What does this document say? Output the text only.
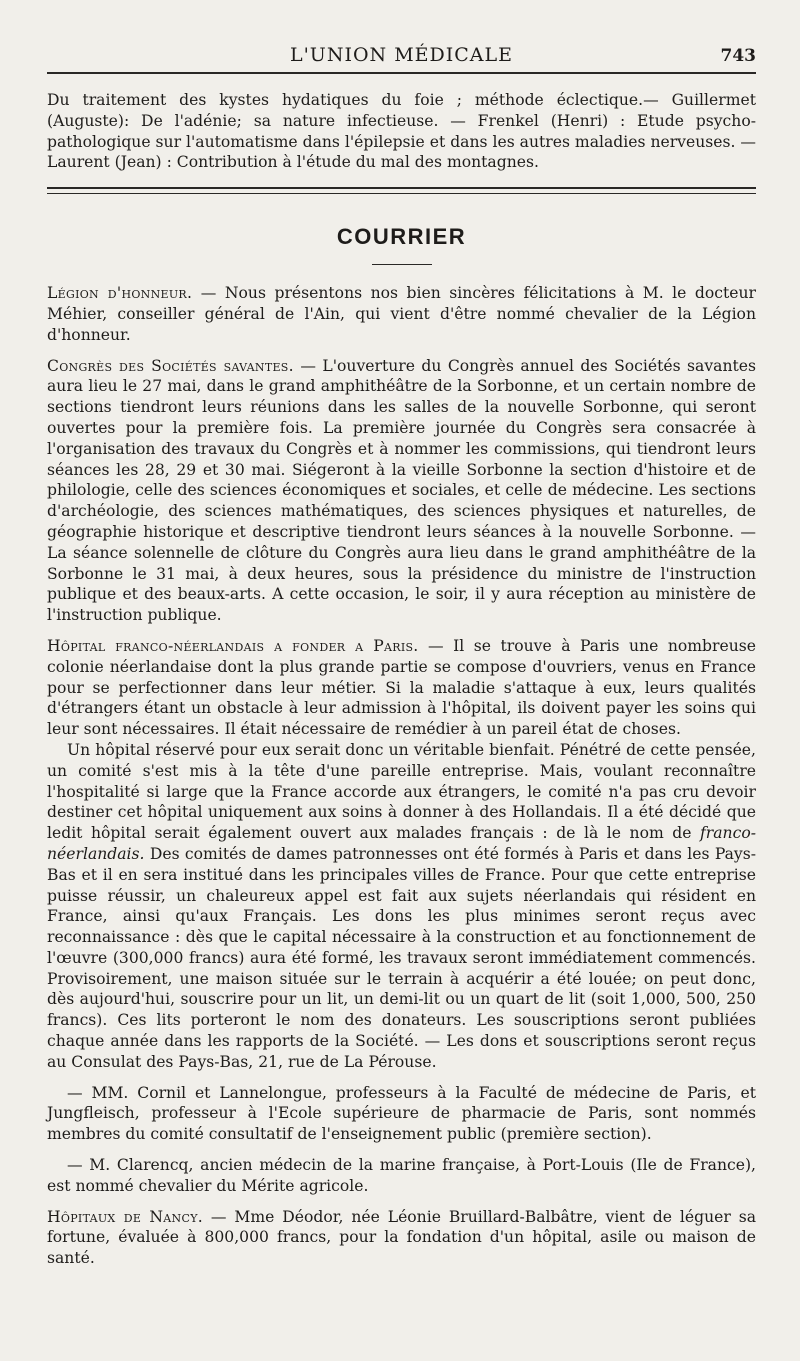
L'UNION MÉDICALE	743

Du traitement des kystes hydatiques du foie ; méthode éclectique.— Guillermet (Auguste): De l'adénie; sa nature infectieuse. — Frenkel (Henri) : Etude psycho-pathologique sur l'automatisme dans l'épilepsie et dans les autres maladies nerveuses. — Laurent (Jean) : Contribution à l'étude du mal des montagnes.

COURRIER

Légion d'honneur. — Nous présentons nos bien sincères félicitations à M. le docteur Méhier, conseiller général de l'Ain, qui vient d'être nommé chevalier de la Légion d'honneur.

Congrès des Sociétés savantes. — L'ouverture du Congrès annuel des Sociétés savantes aura lieu le 27 mai, dans le grand amphithéâtre de la Sorbonne, et un certain nombre de sections tiendront leurs réunions dans les salles de la nouvelle Sorbonne, qui seront ouvertes pour la première fois. La première journée du Congrès sera consacrée à l'organisation des travaux du Congrès et à nommer les commissions, qui tiendront leurs séances les 28, 29 et 30 mai. Siégeront à la vieille Sorbonne la section d'histoire et de philologie, celle des sciences économiques et sociales, et celle de médecine. Les sections d'archéologie, des sciences mathématiques, des sciences physiques et naturelles, de géographie historique et descriptive tiendront leurs séances à la nouvelle Sorbonne. — La séance solennelle de clôture du Congrès aura lieu dans le grand amphithéâtre de la Sorbonne le 31 mai, à deux heures, sous la présidence du ministre de l'instruction publique et des beaux-arts. A cette occasion, le soir, il y aura réception au ministère de l'instruction publique.

Hôpital franco-néerlandais a fonder a Paris. — Il se trouve à Paris une nombreuse colonie néerlandaise dont la plus grande partie se compose d'ouvriers, venus en France pour se perfectionner dans leur métier. Si la maladie s'attaque à eux, leurs qualités d'étrangers étant un obstacle à leur admission à l'hôpital, ils doivent payer les soins qui leur sont nécessaires. Il était nécessaire de remédier à un pareil état de choses.

Un hôpital réservé pour eux serait donc un véritable bienfait. Pénétré de cette pensée, un comité s'est mis à la tête d'une pareille entreprise. Mais, voulant reconnaître l'hospitalité si large que la France accorde aux étrangers, le comité n'a pas cru devoir destiner cet hôpital uniquement aux soins à donner à des Hollandais. Il a été décidé que ledit hôpital serait également ouvert aux malades français : de là le nom de franco-néerlandais. Des comités de dames patronnesses ont été formés à Paris et dans les Pays-Bas et il en sera institué dans les principales villes de France. Pour que cette entreprise puisse réussir, un chaleureux appel est fait aux sujets néerlandais qui résident en France, ainsi qu'aux Français. Les dons les plus minimes seront reçus avec reconnaissance : dès que le capital nécessaire à la construction et au fonctionnement de l'œuvre (300,000 francs) aura été formé, les travaux seront immédiatement commencés. Provisoirement, une maison située sur le terrain à acquérir a été louée; on peut donc, dès aujourd'hui, souscrire pour un lit, un demi-lit ou un quart de lit (soit 1,000, 500, 250 francs). Ces lits porteront le nom des donateurs. Les souscriptions seront publiées chaque année dans les rapports de la Société. — Les dons et souscriptions seront reçus au Consulat des Pays-Bas, 21, rue de La Pérouse.

— MM. Cornil et Lannelongue, professeurs à la Faculté de médecine de Paris, et Jungfleisch, professeur à l'Ecole supérieure de pharmacie de Paris, sont nommés membres du comité consultatif de l'enseignement public (première section).

— M. Clarencq, ancien médecin de la marine française, à Port-Louis (Ile de France), est nommé chevalier du Mérite agricole.

Hôpitaux de Nancy. — Mme Déodor, née Léonie Bruillard-Balbâtre, vient de léguer sa fortune, évaluée à 800,000 francs, pour la fondation d'un hôpital, asile ou maison de santé.
